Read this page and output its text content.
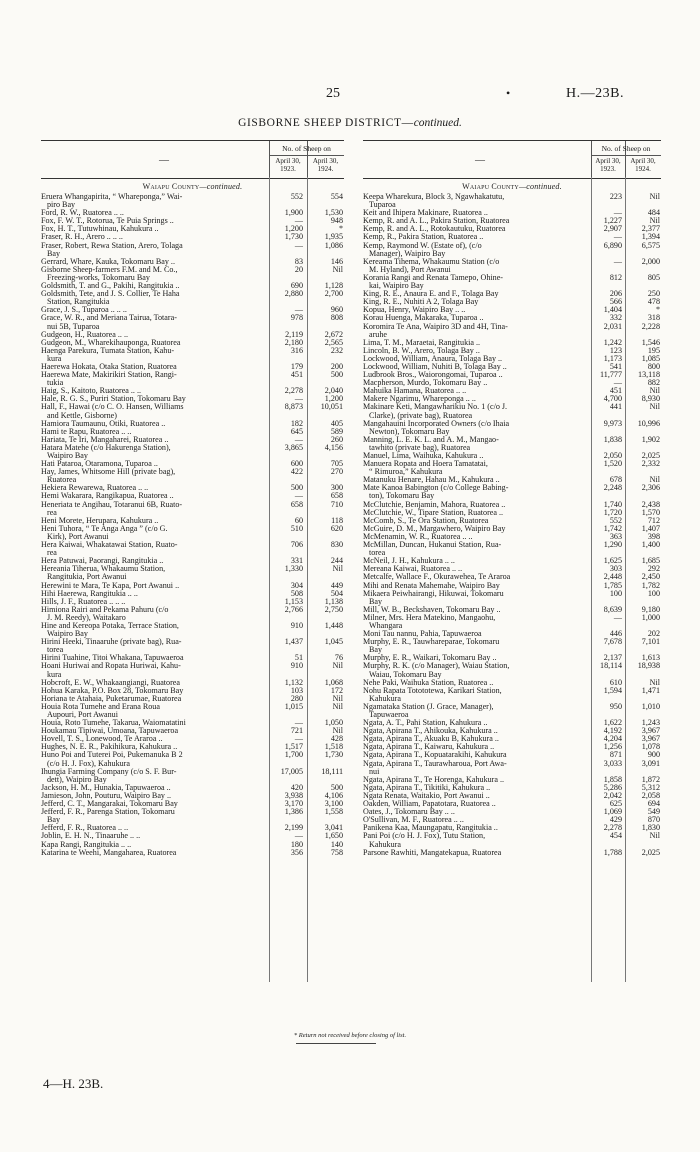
25	•	H.—23B.
GISBORNE SHEEP DISTRICT—continued.
—
No. of Sheep on
April 30,
1923.
April 30,
1924.
Waiapu County—continued.
Eruera Whangapirita, “ Whareponga,” Wai-	552	554
piro Bay
Ford, R. W., Ruatorea .. ..	1,900	1,530
Fox, F. W. T., Rotorua, Te Puia Springs ..	—	948
Fox, H. T., Tutuwhinau, Kahukura ..	1,200	*
Fraser, R. H., Arero .. .. ..	1,730	1,935
Fraser, Robert, Rewa Station, Arero, Tolaga	—	1,086
Bay
Gerrard, Whare, Kauka, Tokomaru Bay ..	83	146
Gisborne Sheep-farmers F.M. and M. Co.,	20	Nil
Freezing-works, Tokomaru Bay
Goldsmith, T. and G., Pakihi, Rangitukia ..	690	1,128
Goldsmith, Tete, and J. S. Collier, Te Haha	2,880	2,700
Station, Rangitukia
Grace, J. S., Tuparoa .. .. ..	—	960
Grace, W. R., and Meriana Tairua, Totara-	978	808
nui 5B, Tuparoa
Gudgeon, H., Ruatorea .. ..	2,119	2,672
Gudgeon, M., Wharekihauponga, Ruatorea	2,180	2,565
Haenga Parekura, Tumata Station, Kahu-	316	232
kura
Haerewa Hokata, Otaka Station, Ruatorea	179	200
Haerewa Mate, Makirikiri Station, Rangi-	451	500
tukia
Haig, S., Kaitoto, Ruatorea .. ..	2,278	2,040
Hale, R. G. S., Puriri Station, Tokomaru Bay	—	1,200
Hall, F., Hawai (c/o C. O. Hansen, Williams	8,873	10,051
and Kettle, Gisborne)
Hamiora Taumaunu, Otiki, Ruatorea ..	182	405
Hami te Rapu, Ruatorea .. ..	645	589
Hariata, Te Iri, Mangaharei, Ruatorea ..	—	260
Hatara Matehe (c/o Hakurenga Station),	3,865	4,156
Waipiro Bay
Hati Pataroa, Otaramona, Tuparoa ..	600	705
Hay, James, Whitsome Hill (private bag),	422	270
Ruatorea
Hekiera Rewarewa, Ruatorea .. ..	500	300
Hemi Wakarara, Rangikapua, Ruatorea ..	—	658
Heneriata te Angihau, Totaranui 6B, Ruato-	658	710
rea
Heni Morete, Herupara, Kahukura ..	60	118
Heni Tuhora, “ Te Anga Anga ” (c/o G.	510	620
Kirk), Port Awanui
Hera Kaiwai, Whakatawai Station, Ruato-	706	830
rea
Hera Patuwai, Paorangi, Rangitukia ..	331	244
Hereania Tiherua, Whakaumu Station,	1,330	Nil
Rangitukia, Port Awanui
Herewini te Mara, Te Kapa, Port Awanui ..	304	449
Hihi Haerewa, Rangitukia .. ..	508	504
Hills, J. F., Ruatorea .. .. ..	1,153	1,138
Himiona Rairi and Pekama Pahuru (c/o	2,766	2,750
J. M. Reedy), Waitakaro
Hine and Kereopa Potaka, Terrace Station,	910	1,448
Waipiro Bay
Hirini Heeki, Tinaaruhe (private bag), Rua-	1,437	1,045
torea
Hirini Tuahine, Titoi Whakana, Tapuwaeroa	51	76
Hoani Huriwai and Ropata Huriwai, Kahu-	910	Nil
kura
Hobcroft, E. W., Whakaangiangi, Ruatorea	1,132	1,068
Hohua Karaka, P.O. Box 28, Tokomaru Bay	103	172
Horiana te Atahaia, Puketarumae, Ruatorea	280	Nil
Houia Rota Tumehe and Erana Roua	1,015	Nil
Aupouri, Port Awanui
Houia, Roto Tumehe, Takarua, Waiomatatini	—	1,050
Houkamau Tipiwai, Umoana, Tapuwaeroa	721	Nil
Hovell, T. S., Lonewood, Te Araroa ..	—	428
Hughes, N. E. R., Pakihikura, Kahukura ..	1,517	1,518
Huno Poi and Tuterei Poi, Pukemanuka B 2	1,700	1,730
(c/o H. J. Fox), Kahukura
Ihungia Farming Company (c/o S. F. Bur-	17,005	18,111
dett), Waipiro Bay
Jackson, H. M., Hunakia, Tapuwaeroa ..	420	500
Jamieson, John, Pouturu, Waipiro Bay ..	3,938	4,106
Jefferd, C. T., Mangarakai, Tokomaru Bay	3,170	3,100
Jefferd, F. R., Parenga Station, Tokomaru	1,386	1,558
Bay
Jefferd, F. R., Ruatorea .. ..	2,199	3,041
Joblin, E. H. N., Tinaaruhe .. ..	—	1,650
Kapa Rangi, Rangitukia .. ..	180	140
Katarina te Weehi, Mangaharea, Ruatorea	356	758
—
No. of Sheep on
April 30,
1923.
April 30,
1924.
Waiapu County—continued.
Keepa Wharekura, Block 3, Ngawhakatutu,	223	Nil
Tuparoa
Keit and Ihipera Makinare, Ruatorea ..	—	484
Kemp, R. and A. L., Pakira Station, Ruatorea	1,227	Nil
Kemp, R. and A. L., Rotokautuku, Ruatorea	2,907	2,377
Kemp, R., Pakira Station, Ruatorea ..	—	1,394
Kemp, Raymond W. (Estate of), (c/o	6,890	6,575
Manager), Waipiro Bay
Kereama Tihema, Whakaumu Station (c/o	—	2,000
M. Hyland), Port Awanui
Korania Rangi and Renata Tamepo, Ohine-	812	805
kai, Waipiro Bay
King, R. E., Anaura E. and F., Tolaga Bay	206	250
King, R. E., Nuhiti A 2, Tolaga Bay	566	478
Kopua, Henry, Waipiro Bay .. ..	1,404	*
Korau Huenga, Makaraka, Tuparoa ..	332	318
Koromira Te Ana, Waipiro 3D and 4H, Tina-	2,031	2,228
aruhe
Lima, T. M., Maraetai, Rangitukia ..	1,242	1,546
Lincoln, B. W., Arero, Tolaga Bay ..	123	195
Lockwood, William, Anaura, Tolaga Bay ..	1,173	1,085
Lockwood, William, Nuhiti B, Tolaga Bay ..	541	800
Ludbrook Bros., Waiorongomai, Tuparoa ..	11,777	13,118
Macpherson, Murdo, Tokomaru Bay ..	—	882
Mahuika Hamana, Ruatorea .. ..	451	Nil
Makere Ngarimu, Whareponga .. ..	4,700	8,930
Makinare Keti, Mangawharikiu No. 1 (c/o J.	441	Nil
Clarke), (private bag), Ruatorea
Mangahauini Incorporated Owners (c/o Ihaia	9,973	10,996
Newton), Tokomaru Bay
Manning, L. E. K. L. and A. M., Mangao-	1,838	1,902
tawhito (private bag), Ruatorea
Manuel, Lima, Waihuka, Kahukura ..	2,050	2,025
Manuera Ropata and Hoera Tamatatai,	1,520	2,332
“ Rimuroa,” Kahukura
Matanuku Henare, Hahau M., Kahukura ..	678	Nil
Mate Kanoa Babington (c/o College Babing-	2,248	2,306
ton), Tokomaru Bay
McClutchie, Benjamin, Mahora, Ruatorea ..	1,740	2,438
McClutchie, W., Tipare Station, Ruatorea ..	1,720	1,570
McComb, S., Te Ora Station, Ruatorea	552	712
McGuire, D. M., Margawhero, Waipiro Bay	1,742	1,407
McMenamin, W. R., Ruatorea .. ..	363	398
McMillan, Duncan, Hukanui Station, Rua-	1,290	1,400
torea
McNeil, J. H., Kahukura .. ..	1,625	1,685
Mereana Kaiwai, Ruatorea .. ..	303	292
Metcalfe, Wallace F., Okurawehea, Te Araroa	2,448	2,450
Mihi and Renata Mahemahe, Waipiro Bay	1,785	1,782
Mikaera Peiwhairangi, Hikuwai, Tokomaru	100	100
Bay
Mill, W. B., Beckshaven, Tokomaru Bay ..	8,639	9,180
Milner, Mrs. Hera Matekino, Mangaohu,	—	1,000
Whangara
Moni Tau nannu, Pahia, Tapuwaeroa	446	202
Murphy, E. R., Tauwhareparae, Tokomaru	7,678	7,101
Bay
Murphy, E. R., Waikari, Tokomaru Bay ..	2,137	1,613
Murphy, R. K. (c/o Manager), Waiau Station,	18,114	18,938
Waiau, Tokomaru Bay
Nehe Paki, Waihuka Station, Ruatorea ..	610	Nil
Nohu Rapata Totototewa, Karikari Station,	1,594	1,471
Kahukura
Ngamataka Station (J. Grace, Manager),	950	1,010
Tapuwaeroa
Ngata, A. T., Pahi Station, Kahukura ..	1,622	1,243
Ngata, Apirana T., Ahikouka, Kahukura ..	4,192	3,967
Ngata, Apirana T., Akuaku B, Kahukura ..	4,204	3,967
Ngata, Apirana T., Kaiwaru, Kahukura ..	1,256	1,078
Ngata, Apirana T., Kopuatarakihi, Kahukura	871	900
Ngata, Apirana T., Taurawharoua, Port Awa-	3,033	3,091
nui
Ngata, Apirana T., Te Horenga, Kahukura ..	1,858	1,872
Ngata, Apirana T., Tikitiki, Kahukura ..	5,286	5,312
Ngata Renata, Waitakio, Port Awanui ..	2,042	2,058
Oakden, William, Papatotara, Ruatorea ..	625	694
Oates, J., Tokomaru Bay .. ..	1,069	549
O'Sullivan, M. F., Ruatorea .. ..	429	870
Panikena Kaa, Maungapatu, Rangitukia ..	2,278	1,830
Pani Poi (c/o H. J. Fox), Tutu Station,	454	Nil
Kahukura
Parsone Rawhiti, Mangatekapua, Ruatorea	1,788	2,025
* Return not received before closing of list.
4—H. 23B.
